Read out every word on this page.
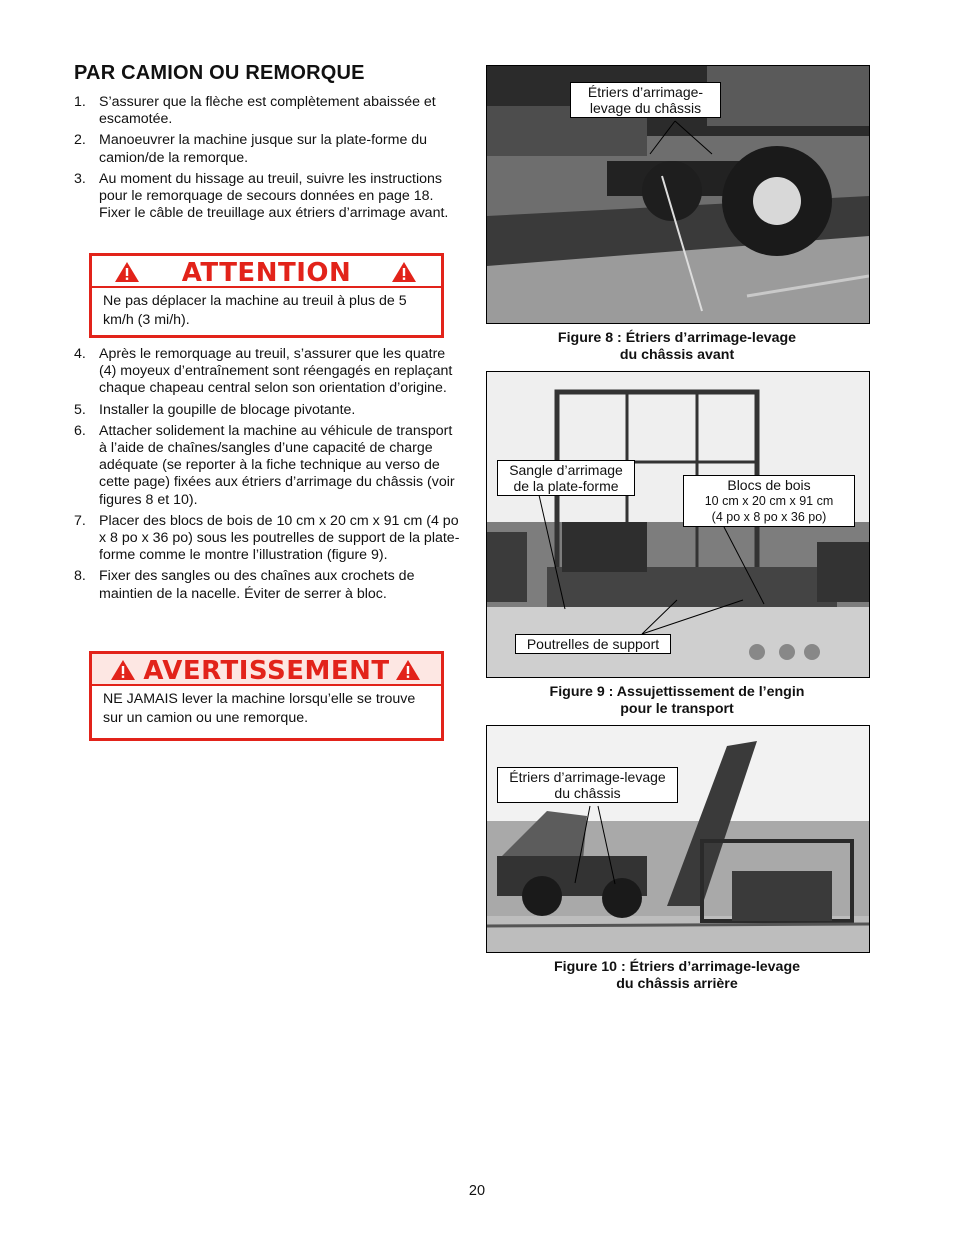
PAR CAMION OU REMORQUE
1. S’assurer que la flèche est complètement abaissée et escamotée.
2. Manoeuvrer la machine jusque sur la plate-forme du camion/de la remorque.
3. Au moment du hissage au treuil, suivre les instructions pour le remorquage de secours données en page 18. Fixer le câble de treuillage aux étriers d’arrimage avant.
ATTENTION
Ne pas déplacer la machine au treuil à plus de 5 km/h (3 mi/h).
4. Après le remorquage au treuil, s’assurer que les quatre (4) moyeux d’entraînement sont réengagés en replaçant chaque chapeau central selon son orientation d’origine.
5. Installer la goupille de blocage pivotante.
6. Attacher solidement la machine au véhicule de transport à l’aide de chaînes/sangles d’une capacité de charge adéquate (se reporter à la fiche technique au verso de cette page) fixées aux étriers d’arrimage du châssis (voir figures 8 et 10).
7. Placer des blocs de bois de 10 cm x 20 cm x 91 cm (4 po x 8 po x 36 po) sous les poutrelles de support de la plate-forme comme le montre l’illustration (figure 9).
8. Fixer des sangles ou des chaînes aux crochets de maintien de la nacelle. Éviter de serrer à bloc.
AVERTISSEMENT
NE JAMAIS lever la machine lorsqu’elle se trouve sur un camion ou une remorque.
Étriers d’arrimage-levage du châssis
Figure 8 : Étriers d’arrimage-levage
du châssis avant
Sangle d’arrimage de la plate-forme	Blocs de bois
10 cm x 20 cm x 91 cm
(4 po x 8 po x 36 po)
Poutrelles de support
Figure 9 : Assujettissement de l’engin
pour le transport
Étriers d’arrimage-levage du châssis
Figure 10 : Étriers d’arrimage-levage
du châssis arrière
20
